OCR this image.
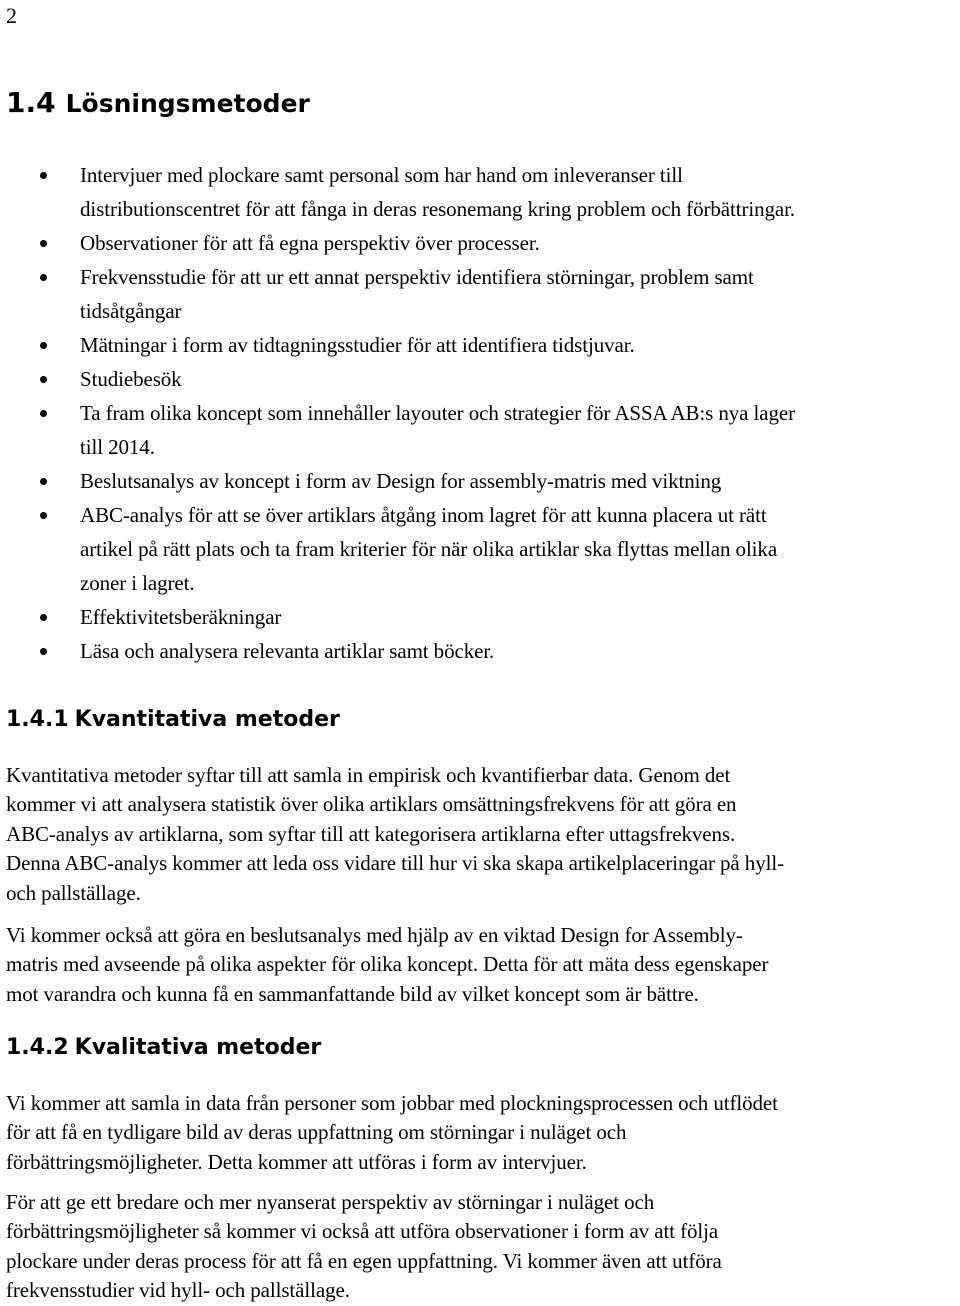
2
1.4 Lösningsmetoder
Intervjuer med plockare samt personal som har hand om inleveranser till
distributionscentret för att fånga in deras resonemang kring problem och förbättringar.
Observationer för att få egna perspektiv över processer.
Frekvensstudie för att ur ett annat perspektiv identifiera störningar, problem samt
tidsåtgångar
Mätningar i form av tidtagningsstudier för att identifiera tidstjuvar.
Studiebesök
Ta fram olika koncept som innehåller layouter och strategier för ASSA AB:s nya lager
till 2014.
Beslutsanalys av koncept i form av Design for assembly-matris med viktning
ABC-analys för att se över artiklars åtgång inom lagret för att kunna placera ut rätt
artikel på rätt plats och ta fram kriterier för när olika artiklar ska flyttas mellan olika
zoner i lagret.
Effektivitetsberäkningar
Läsa och analysera relevanta artiklar samt böcker.
1.4.1 Kvantitativa metoder
Kvantitativa metoder syftar till att samla in empirisk och kvantifierbar data. Genom det
kommer vi att analysera statistik över olika artiklars omsättningsfrekvens för att göra en
ABC-analys av artiklarna, som syftar till att kategorisera artiklarna efter uttagsfrekvens.
Denna ABC-analys kommer att leda oss vidare till hur vi ska skapa artikelplaceringar på hyll-
och pallställage.
Vi kommer också att göra en beslutsanalys med hjälp av en viktad Design for Assembly-
matris med avseende på olika aspekter för olika koncept. Detta för att mäta dess egenskaper
mot varandra och kunna få en sammanfattande bild av vilket koncept som är bättre.
1.4.2 Kvalitativa metoder
Vi kommer att samla in data från personer som jobbar med plockningsprocessen och utflödet
för att få en tydligare bild av deras uppfattning om störningar i nuläget och
förbättringsmöjligheter. Detta kommer att utföras i form av intervjuer.
För att ge ett bredare och mer nyanserat perspektiv av störningar i nuläget och
förbättringsmöjligheter så kommer vi också att utföra observationer i form av att följa
plockare under deras process för att få en egen uppfattning. Vi kommer även att utföra
frekvensstudier vid hyll- och pallställage.
